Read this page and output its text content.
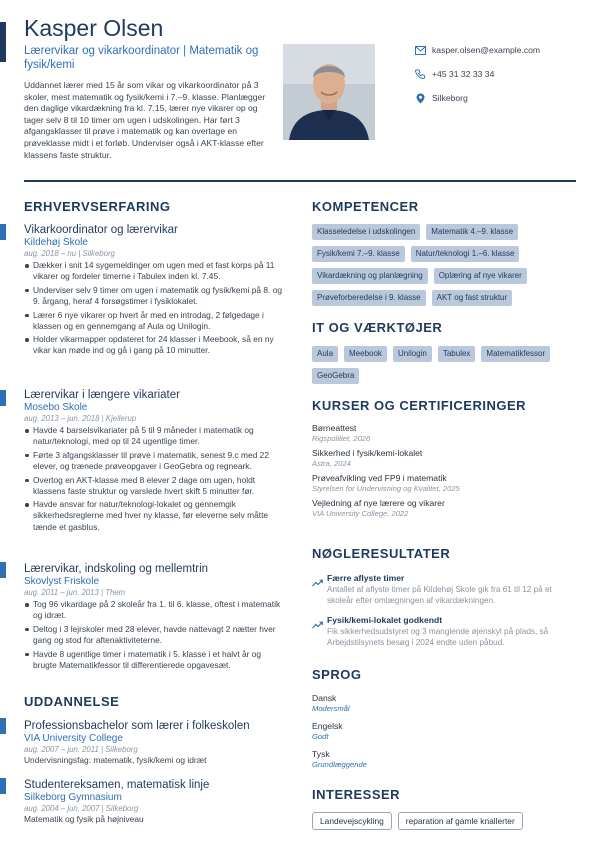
Kasper Olsen
Lærervikar og vikarkoordinator | Matematik og fysik/kemi
Uddannet lærer med 15 år som vikar og vikarkoordinator på 3 skoler, mest matematik og fysik/kemi i 7.–9. klasse. Planlægger den daglige vikardækning fra kl. 7.15, lærer nye vikarer op og tager selv 8 til 10 timer om ugen i udskolingen. Har ført 3 afgangsklasser til prøve i matematik og kan overtage en prøveklasse midt i et forløb. Underviser også i AKT-klasse efter klassens faste struktur.
kasper.olsen@example.com
+45 31 32 33 34
Silkeborg
ERHVERVSERFARING
Vikarkoordinator og lærervikar
Kildehøj Skole
aug. 2018 – nu | Silkeborg
Dækker i snit 14 sygemeldinger om ugen med et fast korps på 11 vikarer og fordeler timerne i Tabulex inden kl. 7.45.
Underviser selv 9 timer om ugen i matematik og fysik/kemi på 8. og 9. årgang, heraf 4 forsøgstimer i fysiklokalet.
Lærer 6 nye vikarer op hvert år med en introdag, 2 følgedage i klassen og en gennemgang af Aula og Unilogin.
Holder vikarmapper opdateret for 24 klasser i Meebook, så en ny vikar kan møde ind og gå i gang på 10 minutter.
Lærervikar i længere vikariater
Mosebo Skole
aug. 2013 – jun. 2018 | Kjellerup
Havde 4 barselsvikariater på 5 til 9 måneder i matematik og natur/teknologi, med op til 24 ugentlige timer.
Førte 3 afgangsklasser til prøve i matematik, senest 9.c med 22 elever, og trænede prøveopgaver i GeoGebra og regneark.
Overtog en AKT-klasse med 8 elever 2 dage om ugen, holdt klassens faste struktur og varslede hvert skift 5 minutter før.
Havde ansvar for natur/teknologi-lokalet og gennemgik sikkerhedsreglerne med hver ny klasse, før eleverne selv måtte tænde et gasblus.
Lærervikar, indskoling og mellemtrin
Skovlyst Friskole
aug. 2011 – jun. 2013 | Them
Tog 96 vikardage på 2 skoleår fra 1. til 6. klasse, oftest i matematik og idræt.
Deltog i 3 lejrskoler med 28 elever, havde nattevagt 2 nætter hver gang og stod for aftenaktiviteterne.
Havde 8 ugentlige timer i matematik i 5. klasse i et halvt år og brugte Matematikfessor til differentierede opgavesæt.
UDDANNELSE
Professionsbachelor som lærer i folkeskolen
VIA University College
aug. 2007 – jun. 2011 | Silkeborg
Undervisningsfag: matematik, fysik/kemi og idræt
Studentereksamen, matematisk linje
Silkeborg Gymnasium
aug. 2004 – jun. 2007 | Silkeborg
Matematik og fysik på højniveau
KOMPETENCER
Klasseledelse i udskolingen	Matematik 4.–9. klasse
Fysik/kemi 7.–9. klasse	Natur/teknologi 1.–6. klasse
Vikardækning og planlægning	Oplæring af nye vikarer
Prøveforberedelse i 9. klasse	AKT og fast struktur
IT OG VÆRKTØJER
Aula	Meebook	Unilogin	Tabulex	Matematikfessor
GeoGebra
KURSER OG CERTIFICERINGER
Børneattest
Rigspolitiet, 2026
Sikkerhed i fysik/kemi-lokalet
Astra, 2024
Prøveafvikling ved FP9 i matematik
Styrelsen for Undervisning og Kvalitet, 2025
Vejledning af nye lærere og vikarer
VIA University College, 2022
NØGLERESULTATER
Færre aflyste timer
Antallet af aflyste timer på Kildehøj Skole gik fra 61 til 12 på et skoleår efter omlægningen af vikardækningen.
Fysik/kemi-lokalet godkendt
Fik sikkerhedsudstyret og 3 manglende øjenskyl på plads, så Arbejdstilsynets besøg i 2024 endte uden påbud.
SPROG
Dansk
Modersmål
Engelsk
Godt
Tysk
Grundlæggende
INTERESSER
Landevejscykling	reparation af gamle knallerter
